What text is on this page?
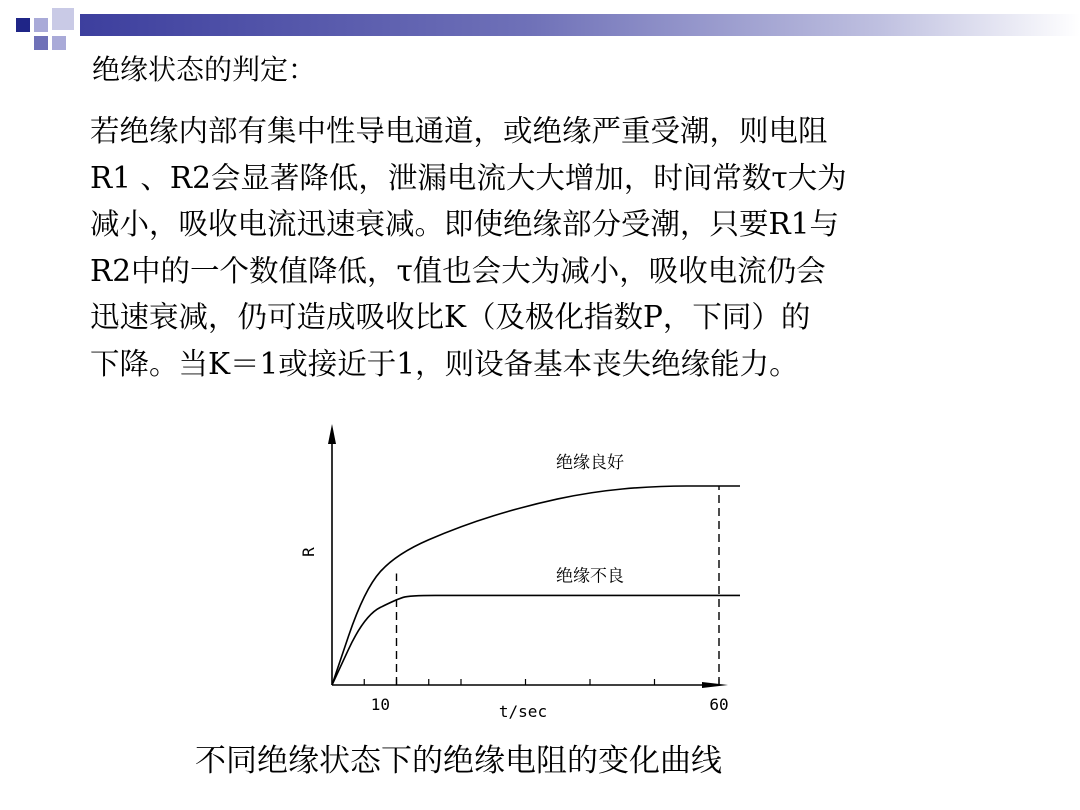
绝缘状态的判定：
若绝缘内部有集中性导电通道，或绝缘严重受潮，则电阻
R1 、R2会显著降低，泄漏电流大大增加，时间常数τ大为
减小，吸收电流迅速衰减。即使绝缘部分受潮，只要R1与
R2中的一个数值降低，τ值也会大为减小，吸收电流仍会
迅速衰减，仍可造成吸收比K（及极化指数P，下同）的
下降。当K＝1或接近于1，则设备基本丧失绝缘能力。
R
t/sec
10	60
绝缘良好
绝缘不良
不同绝缘状态下的绝缘电阻的变化曲线
